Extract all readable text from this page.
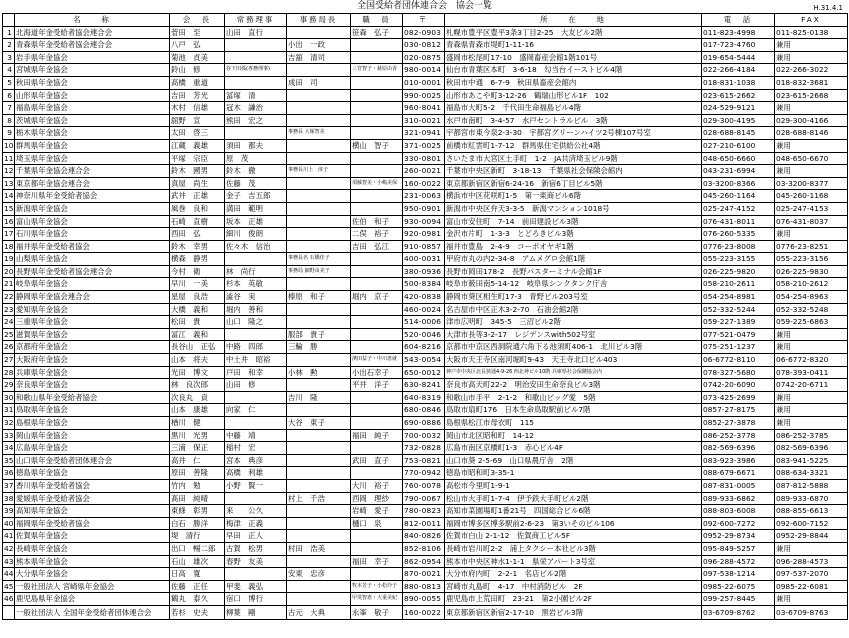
全国受給者団体連合会　協会一覧	H.31.4.1
	名　　称	会　長	常務理事	事務局長	職　員	〒	所　　在　　地	電　話	FAX
1	北海道年金受給者協会連合会	菅田　至	山田　直行		笹森　弘子	082-0903	札幌市豊平区豊平3条3丁目2-25　大友ビル2階	011-823-4998	011-825-0138
2	青森県年金受給者協会連合会	八戸　弘		小出　一政		030-0812	青森県青森市堤町1-11-16	017-723-4760	兼用
3	岩手県年金協会	菊池　貞美		吉舘　清司		020-0875	盛岡市松尾町17-10　盛岡畜産会館1階101号	019-654-5444	兼用
4	宮城県年金協会	鈴山　修	谷下田孤(専務理事)		三宮智子・萩原由香	980-0014	仙台市青葉区本町　3-6-18　勾当台イーストビル4階	022-266-4184	022-266-3022
5	秋田県年金協会	高橋　重道		成田　司		010-0001	秋田市中通　6-7-9　秋田県畜産会館内	018-831-1038	018-832-3681
6	山形県年金協会	吉田　芳光	冨塚　清			990-0025	山形市あこや町3-12-26　鶴瑞山形ビル1F　102	023-615-2662	023-615-2668
7	福島県年金協会	木村　信雄	冠木　謙治			960-8041	福島市大町5-2　千代田生命福島ビル4階	024-529-9121	兼用
8	茨城県年金協会	舘野　宣	熊田　宏之			310-0021	水戸市南町　3-4-57　水戸セントラルビル　3階	029-300-4195	029-300-4166
9	栃木県年金協会	太田　啓三		事務長 大塚智美		321-0941	宇都宮市東今泉2-3-30　宇都宮グリーンハイツ2号棟107号室	028-688-8145	028-688-8146
10	群馬県年金協会	江蔵　義雄	須田　都夫		横山　智子	371-0025	前橋市紅雲町1-7-12　群馬県住宅供給公社4階	027-210-6100	兼用
11	埼玉県年金協会	平塚　宗臣	原　茂			330-0801	さいたま市大宮区土手町　1-2　JA共済埼玉ビル9階	048-650-6660	048-650-6670
12	千葉県年金協会連合会	鈴木　國男	鈴木　徹	事務長川上　淳子		260-0021	千葉市中央区新町　3-18-13　千葉県社会保険会館内	043-231-6994	兼用
13	東京都年金協会連合会	真屋　尚生	佐藤　茂		須藤智美・小嶋美保	160-0022	東京都新宿区新宿6-24-16　新宿6丁目ビル5階	03-3200-8366	03-3200-8377
14	神奈川県年金受給者協会	武井　正雄	金子　吉五郎			231-0063	横浜市中区花咲町1-5　第一東商ビル6階	045-260-1164	045-260-1168
15	新潟県年金協会	風巻　良和	満田　範明			950-0901	新潟市中央区弁天3-3-5　新潟マンション1018号	025-247-4152	025-247-4153
16	富山県年金協会	石崎　直樹	坂本　正雄		佐伯　和子	930-0094	富山市安住町　7-14　前田建設ビル3階	076-431-8011	076-431-8037
17	石川県年金協会	西田　弘	細川　俊朗		二俣　裕子	920-0981	金沢市片町　1-3-3　とどろきビル3階	076-260-5335	兼用
18	福井県年金受給者協会	鈴木　幸男	佐々木　信治		吉田　弘江	910-0857	福井市豊島　2-4-9　コーポオヤギ1階	0776-23-8008	0776-23-8251
19	山梨県年金協会	横森　静男		事務長名 石橋佳子		400-0031	甲府市丸の内2-34-8　アムメグロ会館1階	055-223-3155	055-223-3156
20	長野県年金受給者協会連合会	今村　衛	林　尚行	事務局 細野由美子		380-0936	長野市岡田178-2　長野パスターミナル会館1F	026-225-9820	026-225-9830
21	岐阜県年金協会	早川　一美	杉本　英敏			500-8384	岐阜市薮田南5-14-12　岐阜県シンクタンク庁舎	058-210-2611	058-210-2612
22	静岡県年金協会連合会	星屋　良浩	澁谷　実	榛原　和子	堀内　京子	420-0838	静岡市葵区相生町17-3　青野ビル203号室	054-254-8981	054-254-8963
23	愛知県年金協会	大橋　義和	堀内　善和			460-0024	名古屋市中区正木3-2-70　石油会館2階	052-332-5244	052-332-5248
24	三重県年金協会	松田　貴	山口　隆之			514-0006	津市広明町　345-5　三沼ビル2階	059-227-1389	059-225-6863
25	滋賀県年金協会	冨江　義和		服部　貴子		520-0046	大津市長等3-2-17　レジデンスwith502号室	077-521-0479	兼用
26	京都府年金協会	長谷山　正弘	中路　四郎	三輪　勝		604-8216	京都市中京区西洞院通六角下る池須町406-1　北川ビル3階	075-251-1237	兼用
27	大阪府年金協会	山本　将夫	中土井　昭裕		濱田益子・中川恵就	543-0054	大阪市天王寺区南河堀町9-43　天王寺北口ビル403	06-6772-8110	06-6772-8320
28	兵庫県年金協会	光田　博文	戸田　和幸	小林　勲	小出石幸子	650-0012	神戸市中央区北長狭通4-9-26 西北神ビル10階 兵庫県社会保険協会内	078-327-5680	078-393-0411
29	奈良県年金協会	林　良次郎	山田　修		平井　洋子	630-8241	奈良市高天町22-2　明治安田生命奈良ビル3階	0742-20-6090	0742-20-6711
30	和歌山県年金受給者協会	次良丸　貢		吉川　隆		640-8319	和歌山市手平　2-1-2　和歌山ビッグ愛　5階	073-425-2699	兼用
31	鳥取県年金協会	山本　康雄	向家　仁			680-0846	鳥取市扇町176　日本生命鳥取駅前ビル7階	0857-27-8175	兼用
32	島根県年金協会	楢川　健		大谷　東子		690-0886	島根県松江市母衣町　115	0852-27-3878	兼用
33	岡山県年金協会	黒川　光男	中藤　靖		福田　純子	700-0032	岡山市北区昭和町　14-12	086-252-3778	086-252-3785
34	広島県年金協会	三浦　保正	稲村　宏			732-0828	広島市南区京橋町1-3　赤心ビル4F	082-569-6396	082-569-6396
35	山口県年金受給者団体連合会	高井　仁	宮本　典彦		武田　直子	753-0821	山口市葵 2-5-69　山口県農庁舎　2階	083-923-3986	083-941-5225
36	徳島県年金協会	原田　善隆	高橋　利雄			770-0942	徳島市昭和町3-35-1	088-679-6671	088-634-3321
37	香川県年金受給者協会	竹内　勉	小野　賢一		大川　裕子	760-0078	高松市今里町1-9-1	087-831-0005	087-812-5888
38	愛媛県年金受給者協会	髙田　純晴		村上　千浩	西岡　理紗	790-0067	松山市大手町1-7-4　伊予鉄大手町ビル2階	089-933-6862	089-933-6870
39	高知県年金協会	東條　彰男	来　　公久		岩崎　愛子	780-0823	高知市菜園場町1番21号　四国総合ビル6階	088-803-6008	088-855-6613
40	福岡県年金受給者協会	白石　勝洋	梅津　正義		樋口　泉	812-0011	福岡市博多区博多駅前2-6-23　第3いそのビル106	092-600-7272	092-600-7152
41	佐賀県年金協会	堤　清行	早田　正人			840-0826	佐賀市白山 2-1-12　佐賀商工ビル5F	0952-29-8734	0952-29-8844
42	長崎県年金協会	出口　暢二郎	古賀　松男	村田　浩美		852-8106	長崎市岩川町2-2　浦上タクシー本社ビル3階	095-849-5257	兼用
43	熊本県年金協会	石山　雄次	春野　友美		福田　幸子	862-0954	熊本市中央区神水1-1-1　県栄アパート3号室	096-288-4572	096-288-4573
44	大分県年金協会	日高　寛		安東　忠彦		870-0021	大分市府内町　2-2-1　名店ビル2階	097-538-1214	097-537-2070
45	一般社団法人 宮崎県年金協会	佐藤　正任	甲斐　義弘		牧本芳子・小松玲子	880-0813	宮崎市丸島町　4-17　中村消防ビル　2F	0985-22-6075	0985-22-6081
46	鹿児島県年金協会	鶴丸　泰久	宿口　博行		甲斐智恵・大重美紀	890-0055	鹿児島市上荒田町　23-21　第2小園ビル2F	099-257-8445	兼用
	一般社団法人 全国年金受給者団体連合会	若杉　史夫	柳葉　剛	古元　大典	永峯　敬子	160-0022	東京都新宿区新宿2-17-10　黒岩ビル3階	03-6709-8762	03-6709-8763
